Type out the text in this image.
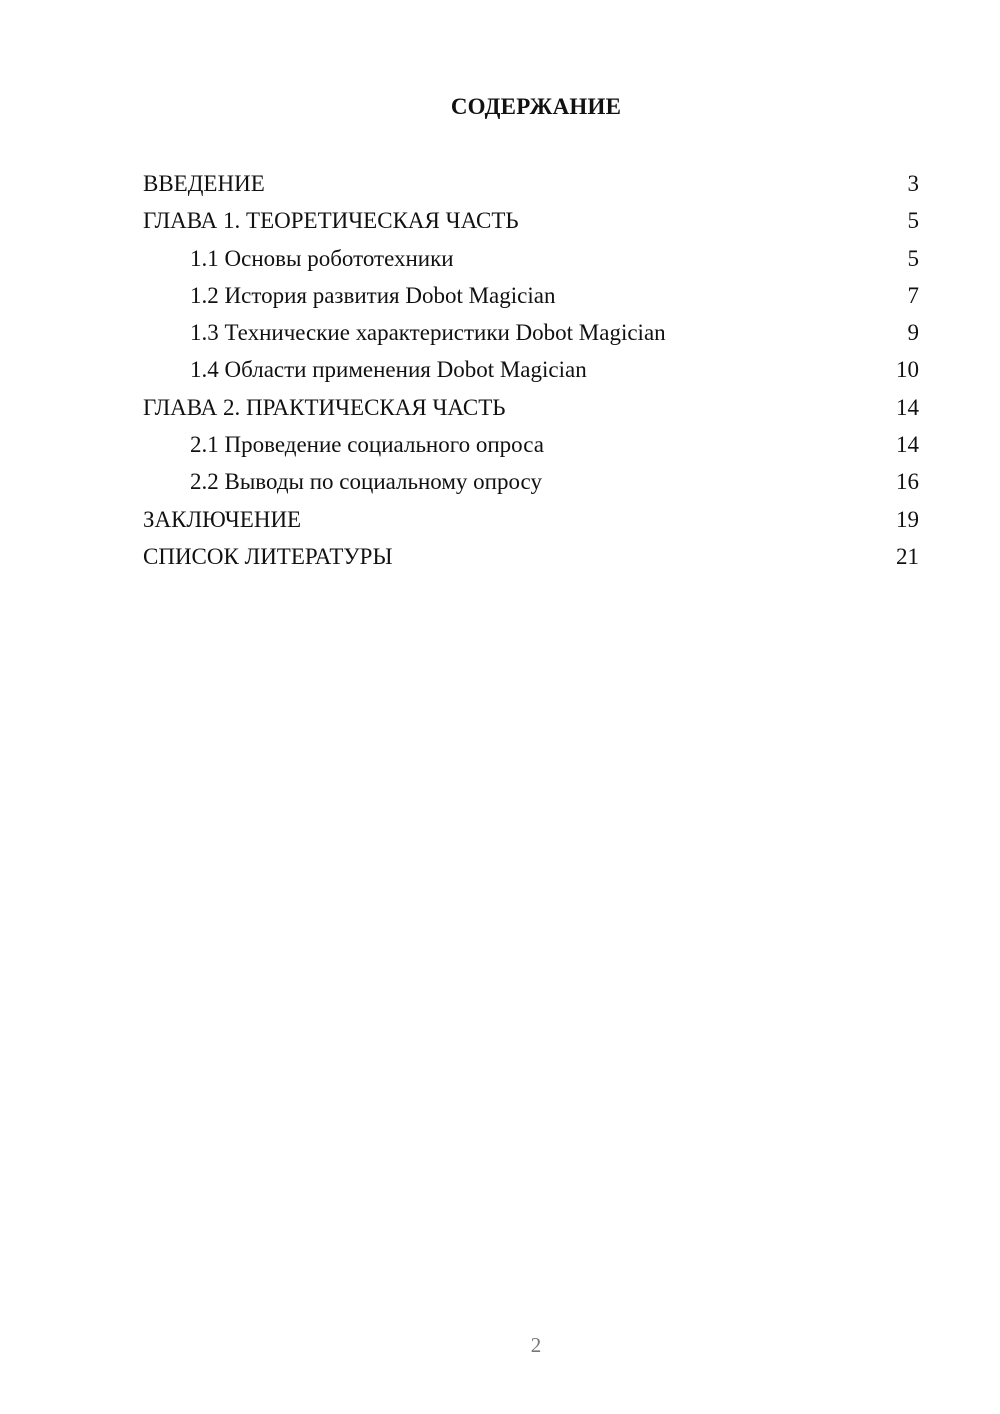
СОДЕРЖАНИЕ
ВВЕДЕНИЕ	3
ГЛАВА 1. ТЕОРЕТИЧЕСКАЯ ЧАСТЬ	5
1.1 Основы робототехники	5
1.2 История развития Dobot Magician	7
1.3 Технические характеристики Dobot Magician	9
1.4 Области применения Dobot Magician	10
ГЛАВА 2. ПРАКТИЧЕСКАЯ ЧАСТЬ	14
2.1 Проведение социального опроса	14
2.2 Выводы по социальному опросу	16
ЗАКЛЮЧЕНИЕ	19
СПИСОК ЛИТЕРАТУРЫ	21
2
